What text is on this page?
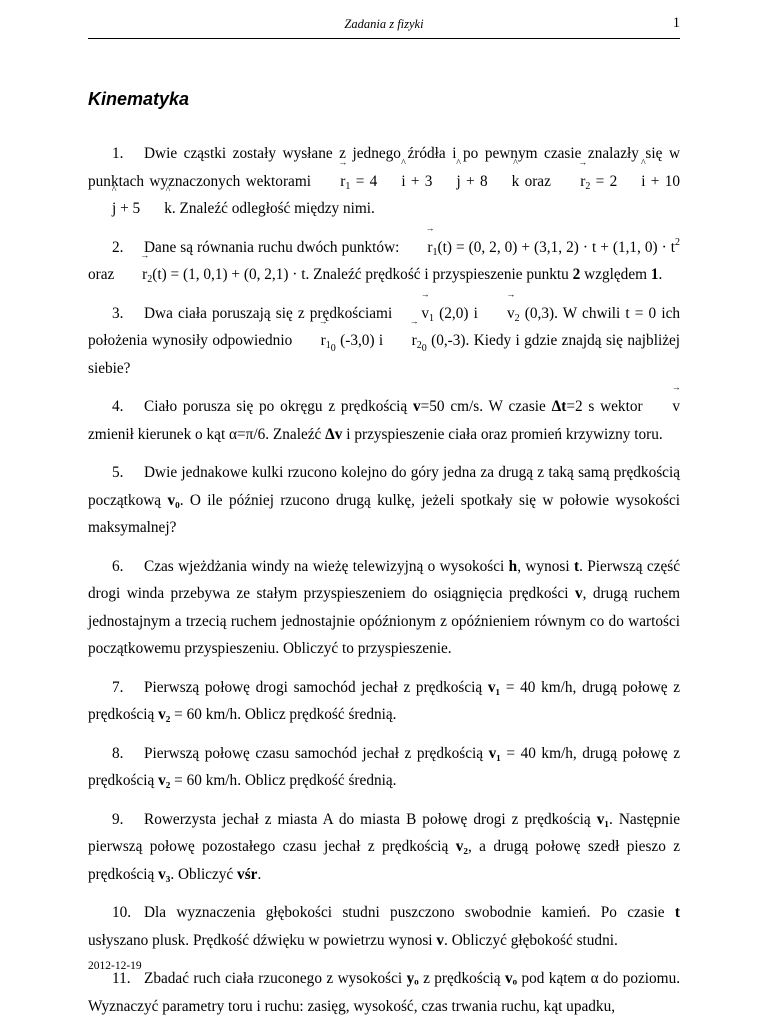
Zadania z fizyki	1
Kinematyka

1. Dwie cząstki zostały wysłane z jednego źródła i po pewnym czasie znalazły się w punktach wyznaczonych wektorami → $r_1$ = 4^ i + 3^ j + 8^ k oraz → $r_2$ = 2^ i + 10^ j + 5^ k. Znaleźć odległość między nimi.

2. Dane są równania ruchu dwóch punktów: → $r_1(t) = (0$, 2, 0) + (3,1, 2) · t + (1,1, $0) \cdot t^2$ oraz → $r_2(t) = (1$, 0,1) + (0, 2,1) · t. Znaleźć prędkość i przyspieszenie punktu 2 względem 1.

3. Dwa ciała poruszają się z prędkościami → $v_1$ (2,0) $i \to v_2$ (0,3). W chwili t = 0 ich położenia wynosiły odpowiednio → $r_{1_0}$ (-3,0) $i \to r_{2_0}$ (0,-3). Kiedy i gdzie znajdą się najbliżej siebie?

4. Ciało porusza się po okręgu z prędkością v=50 cm/s. W czasie Δt=2 s wektor → v zmienił kierunek o kąt α=π/6. Znaleźć Δv i przyspieszenie ciała oraz promień krzywizny toru.

5. Dwie jednakowe kulki rzucono kolejno do góry jedna za drugą z taką samą prędkością początkową v₀. O ile później rzucono drugą kulkę, jeżeli spotkały się w połowie wysokości maksymalnej?

6. Czas wjeżdżania windy na wieżę telewizyjną o wysokości h, wynosi t. Pierwszą część drogi winda przebywa ze stałym przyspieszeniem do osiągnięcia prędkości v, drugą ruchem jednostajnym a trzecią ruchem jednostajnie opóźnionym z opóźnieniem równym co do wartości początkowemu przyspieszeniu. Obliczyć to przyspieszenie.

7. Pierwszą połowę drogi samochód jechał z prędkością v₁ = 40 km/h, drugą połowę z prędkością v₂ = 60 km/h. Oblicz prędkość średnią.

8. Pierwszą połowę czasu samochód jechał z prędkością v₁ = 40 km/h, drugą połowę z prędkością v₂ = 60 km/h. Oblicz prędkość średnią.

9. Rowerzysta jechał z miasta A do miasta B połowę drogi z prędkością v₁. Następnie pierwszą połowę pozostałego czasu jechał z prędkością v₂, a drugą połowę szedł pieszo z prędkością v₃. Obliczyć vśr.

10. Dla wyznaczenia głębokości studni puszczono swobodnie kamień. Po czasie t usłyszano plusk. Prędkość dźwięku w powietrzu wynosi v. Obliczyć głębokość studni.

11. Zbadać ruch ciała rzuconego z wysokości yₒ z prędkością vₒ pod kątem α do poziomu. Wyznaczyć parametry toru i ruchu: zasięg, wysokość, czas trwania ruchu, kąt upadku,

2012-12-19
